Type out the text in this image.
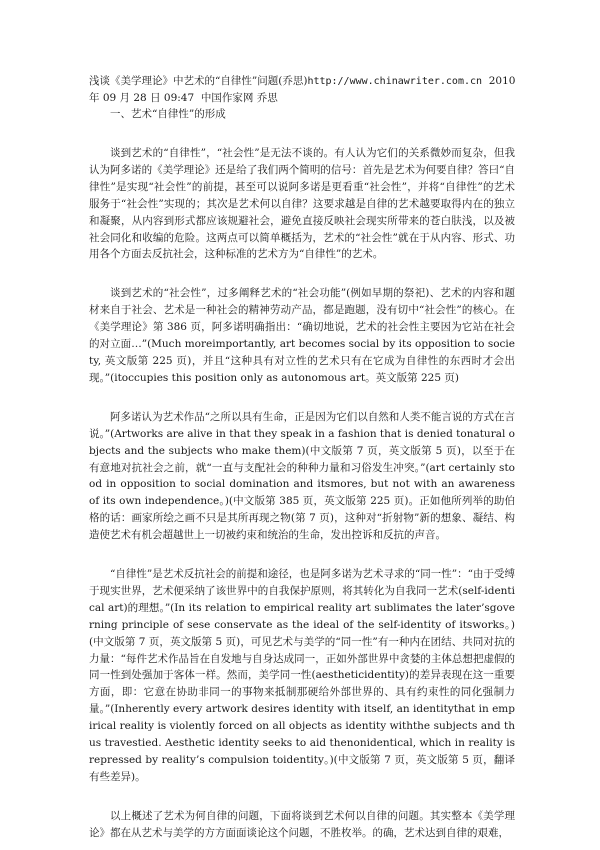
浅谈《美学理论》中艺术的“自律性”问题(乔思)http://www.chinawriter.com.cn 2010

年 09 月 28 日 09:47 中国作家网 乔思

一、艺术“自律性”的形成

谈到艺术的“自律性”，“社会性”是无法不谈的。有人认为它们的关系微妙而复杂，但我认为阿多诺的《美学理论》还是给了我们两个简明的信号：首先是艺术为何要自律？答曰“自律性”是实现“社会性”的前提，甚至可以说阿多诺是更看重“社会性”，并将“自律性”的艺术服务于“社会性”实现的；其次是艺术何以自律？这要求越是自律的艺术越要取得内在的独立和凝聚，从内容到形式都应该规避社会，避免直接反映社会现实所带来的苍白肤浅，以及被社会同化和收编的危险。这两点可以简单概括为，艺术的“社会性”就在于从内容、形式、功用各个方面去反抗社会，这种标准的艺术方为“自律性”的艺术。

谈到艺术的“社会性”，过多阐释艺术的“社会功能”(例如早期的祭祀)、艺术的内容和题材来自于社会、艺术是一种社会的精神劳动产品，都是跑题，没有切中“社会性”的核心。在《美学理论》第 386 页，阿多诺明确指出：“确切地说，艺术的社会性主要因为它站在社会的对立面…”(Much moreimportantly, art becomes social by its opposition to society, 英文版第 225 页)，并且“这种具有对立性的艺术只有在它成为自律性的东西时才会出现。”(itoccupies this position only as autonomous art。英文版第 225 页)

阿多诺认为艺术作品“之所以具有生命，正是因为它们以自然和人类不能言说的方式在言说。”(Artworks are alive in that they speak in a fashion that is denied tonatural objects and the subjects who make them)(中文版第 7 页，英文版第 5 页)，以至于在有意地对抗社会之前，就“一直与支配社会的种种力量和习俗发生冲突。”(art certainly stood in opposition to social domination and itsmores, but not with an awareness of its own independence。)(中文版第 385 页，英文版第 225 页)。正如他所列举的助伯格的话：画家所绘之画不只是其所再现之物(第 7 页)，这种对“折射物”新的想象、凝结、构造使艺术有机会超越世上一切被约束和统治的生命，发出控诉和反抗的声音。

“自律性”是艺术反抗社会的前提和途径，也是阿多诺为艺术寻求的“同一性”：“由于受缚于现实世界，艺术便采纳了该世界中的自我保护原则，将其转化为自我同一艺术(self-identical art)的理想。”(In its relation to empirical reality art sublimates the later’sgoverning principle of sese conservate as the ideal of the self-identity of itsworks。)(中文版第 7 页，英文版第 5 页)，可见艺术与美学的“同一性”有一种内在团结、共同对抗的力量：“每件艺术作品旨在自发地与自身达成同一，正如外部世界中贪婪的主体总想把虚假的同一性到处强加于客体一样。然而，美学同一性(aestheticidentity)的差异表现在这一重要方面，即：它意在协助非同一的事物来抵制那硬给外部世界的、具有约束性的同化强制力量。”(Inherently every artwork desires identity with itself, an identitythat in empirical reality is violently forced on all objects as identity withthe subjects and thus travestied. Aesthetic identity seeks to aid thenonidentical, which in reality is repressed by reality’s compulsion toidentity。)(中文版第 7 页，英文版第 5 页，翻译有些差异)。

以上概述了艺术为何自律的问题，下面将谈到艺术何以自律的问题。其实整本《美学理论》都在从艺术与美学的方方面面谈论这个问题，不胜枚举。的确，艺术达到自律的艰难，
